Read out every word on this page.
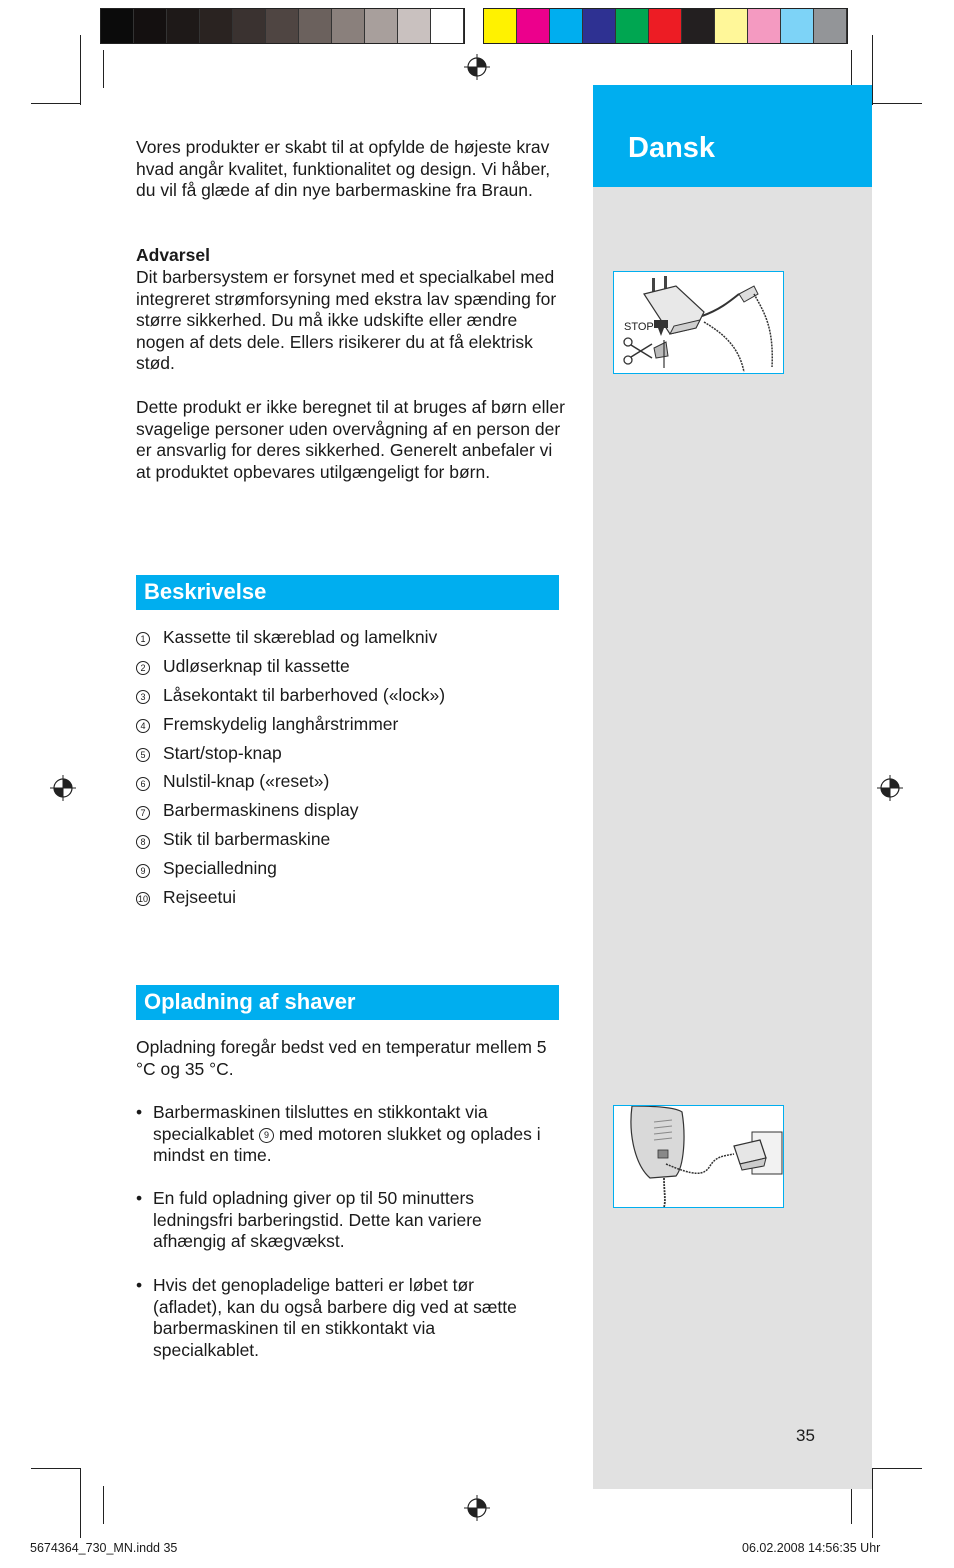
Dansk
STOP

Vores produkter er skabt til at opfylde de højeste krav hvad angår kvalitet, funktionalitet og design. Vi håber, du vil få glæde af din nye barbermaskine fra Braun.

Advarsel

Dit barbersystem er forsynet med et specialkabel med integreret strømforsyning med ekstra lav spænding for større sikkerhed. Du må ikke udskifte eller ændre nogen af dets dele. Ellers risikerer du at få elektrisk stød.

Dette produkt er ikke beregnet til at bruges af børn eller svagelige personer uden overvågning af en person der er ansvarlig for deres sikkerhed. Generelt anbefaler vi at produktet opbevares utilgængeligt for børn.

Beskrivelse
1 Kassette til skæreblad og lamelkniv
2 Udløserknap til kassette
3 Låsekontakt til barberhoved («lock»)
4 Fremskydelig langhårstrimmer
5 Start/stop-knap
6 Nulstil-knap («reset»)
7 Barbermaskinens display
8 Stik til barbermaskine
9 Specialledning
10 Rejseetui
Opladning af shaver

Opladning foregår bedst ved en temperatur mellem 5 °C og 35 °C.

• Barbermaskinen tilsluttes en stikkontakt via specialkablet 9 med motoren slukket og oplades i mindst en time.
• En fuld opladning giver op til 50 minutters ledningsfri barberingstid. Dette kan variere afhængig af skægvækst.
• Hvis det genopladelige batteri er løbet tør (afladet), kan du også barbere dig ved at sætte barbermaskinen til en stikkontakt via specialkablet.
35
5674364_730_MN.indd 35	06.02.2008 14:56:35 Uhr
